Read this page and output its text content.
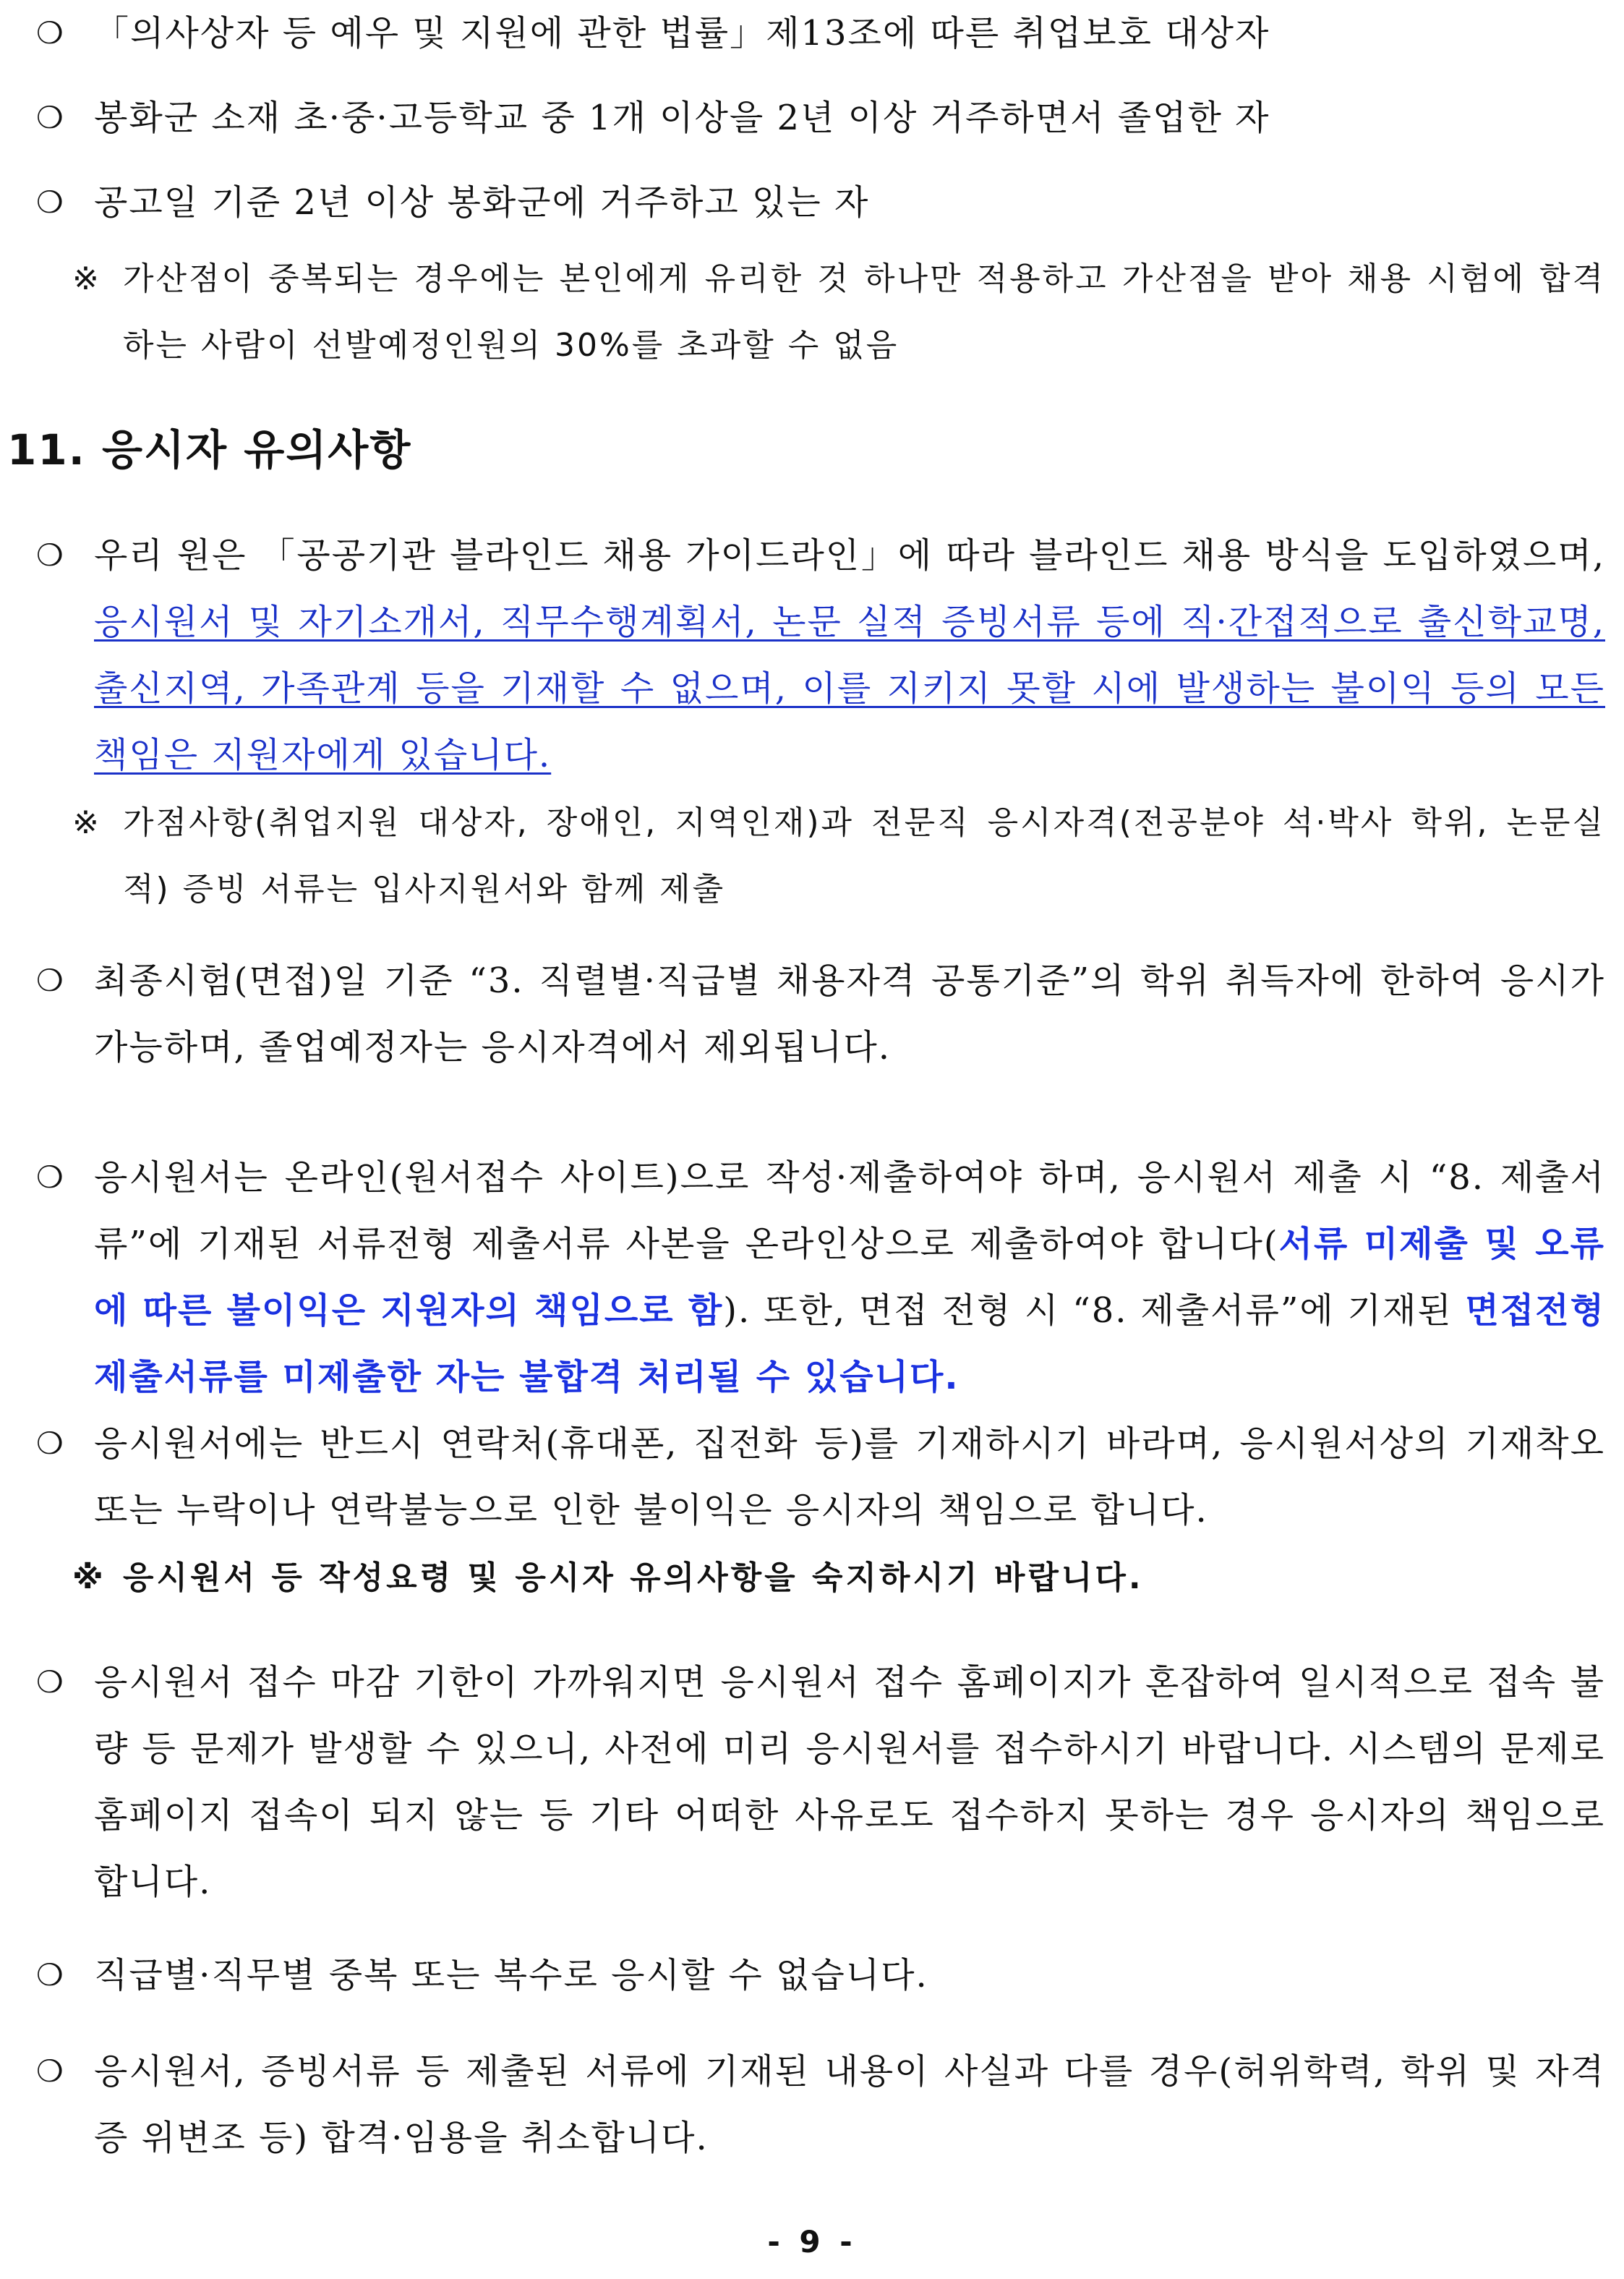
❍ 「의사상자 등 예우 및 지원에 관한 법률」제13조에 따른 취업보호 대상자
❍ 봉화군 소재 초·중·고등학교 중 1개 이상을 2년 이상 거주하면서 졸업한 자
❍ 공고일 기준 2년 이상 봉화군에 거주하고 있는 자
※ 가산점이 중복되는 경우에는 본인에게 유리한 것 하나만 적용하고 가산점을 받아 채용 시험에 합격하는 사람이 선발예정인원의 30%를 초과할 수 없음
11. 응시자 유의사항
❍ 우리 원은 「공공기관 블라인드 채용 가이드라인」에 따라 블라인드 채용 방식을 도입하였으며, 응시원서 및 자기소개서, 직무수행계획서, 논문 실적 증빙서류 등에 직·간접적으로 출신학교명, 출신지역, 가족관계 등을 기재할 수 없으며, 이를 지키지 못할 시에 발생하는 불이익 등의 모든 책임은 지원자에게 있습니다.
※ 가점사항(취업지원 대상자, 장애인, 지역인재)과 전문직 응시자격(전공분야 석·박사 학위, 논문실적) 증빙 서류는 입사지원서와 함께 제출
❍ 최종시험(면접)일 기준 “3. 직렬별·직급별 채용자격 공통기준”의 학위 취득자에 한하여 응시가 가능하며, 졸업예정자는 응시자격에서 제외됩니다.
❍ 응시원서는 온라인(원서접수 사이트)으로 작성·제출하여야 하며, 응시원서 제출 시 “8. 제출서류”에 기재된 서류전형 제출서류 사본을 온라인상으로 제출하여야 합니다(서류 미제출 및 오류에 따른 불이익은 지원자의 책임으로 함). 또한, 면접 전형 시 “8. 제출서류”에 기재된 면접전형 제출서류를 미제출한 자는 불합격 처리될 수 있습니다.
❍ 응시원서에는 반드시 연락처(휴대폰, 집전화 등)를 기재하시기 바라며, 응시원서상의 기재착오 또는 누락이나 연락불능으로 인한 불이익은 응시자의 책임으로 합니다.
※ 응시원서 등 작성요령 및 응시자 유의사항을 숙지하시기 바랍니다.
❍ 응시원서 접수 마감 기한이 가까워지면 응시원서 접수 홈페이지가 혼잡하여 일시적으로 접속 불량 등 문제가 발생할 수 있으니, 사전에 미리 응시원서를 접수하시기 바랍니다. 시스템의 문제로 홈페이지 접속이 되지 않는 등 기타 어떠한 사유로도 접수하지 못하는 경우 응시자의 책임으로 합니다.
❍ 직급별·직무별 중복 또는 복수로 응시할 수 없습니다.
❍ 응시원서, 증빙서류 등 제출된 서류에 기재된 내용이 사실과 다를 경우(허위학력, 학위 및 자격증 위변조 등) 합격·임용을 취소합니다.
- 9 -
